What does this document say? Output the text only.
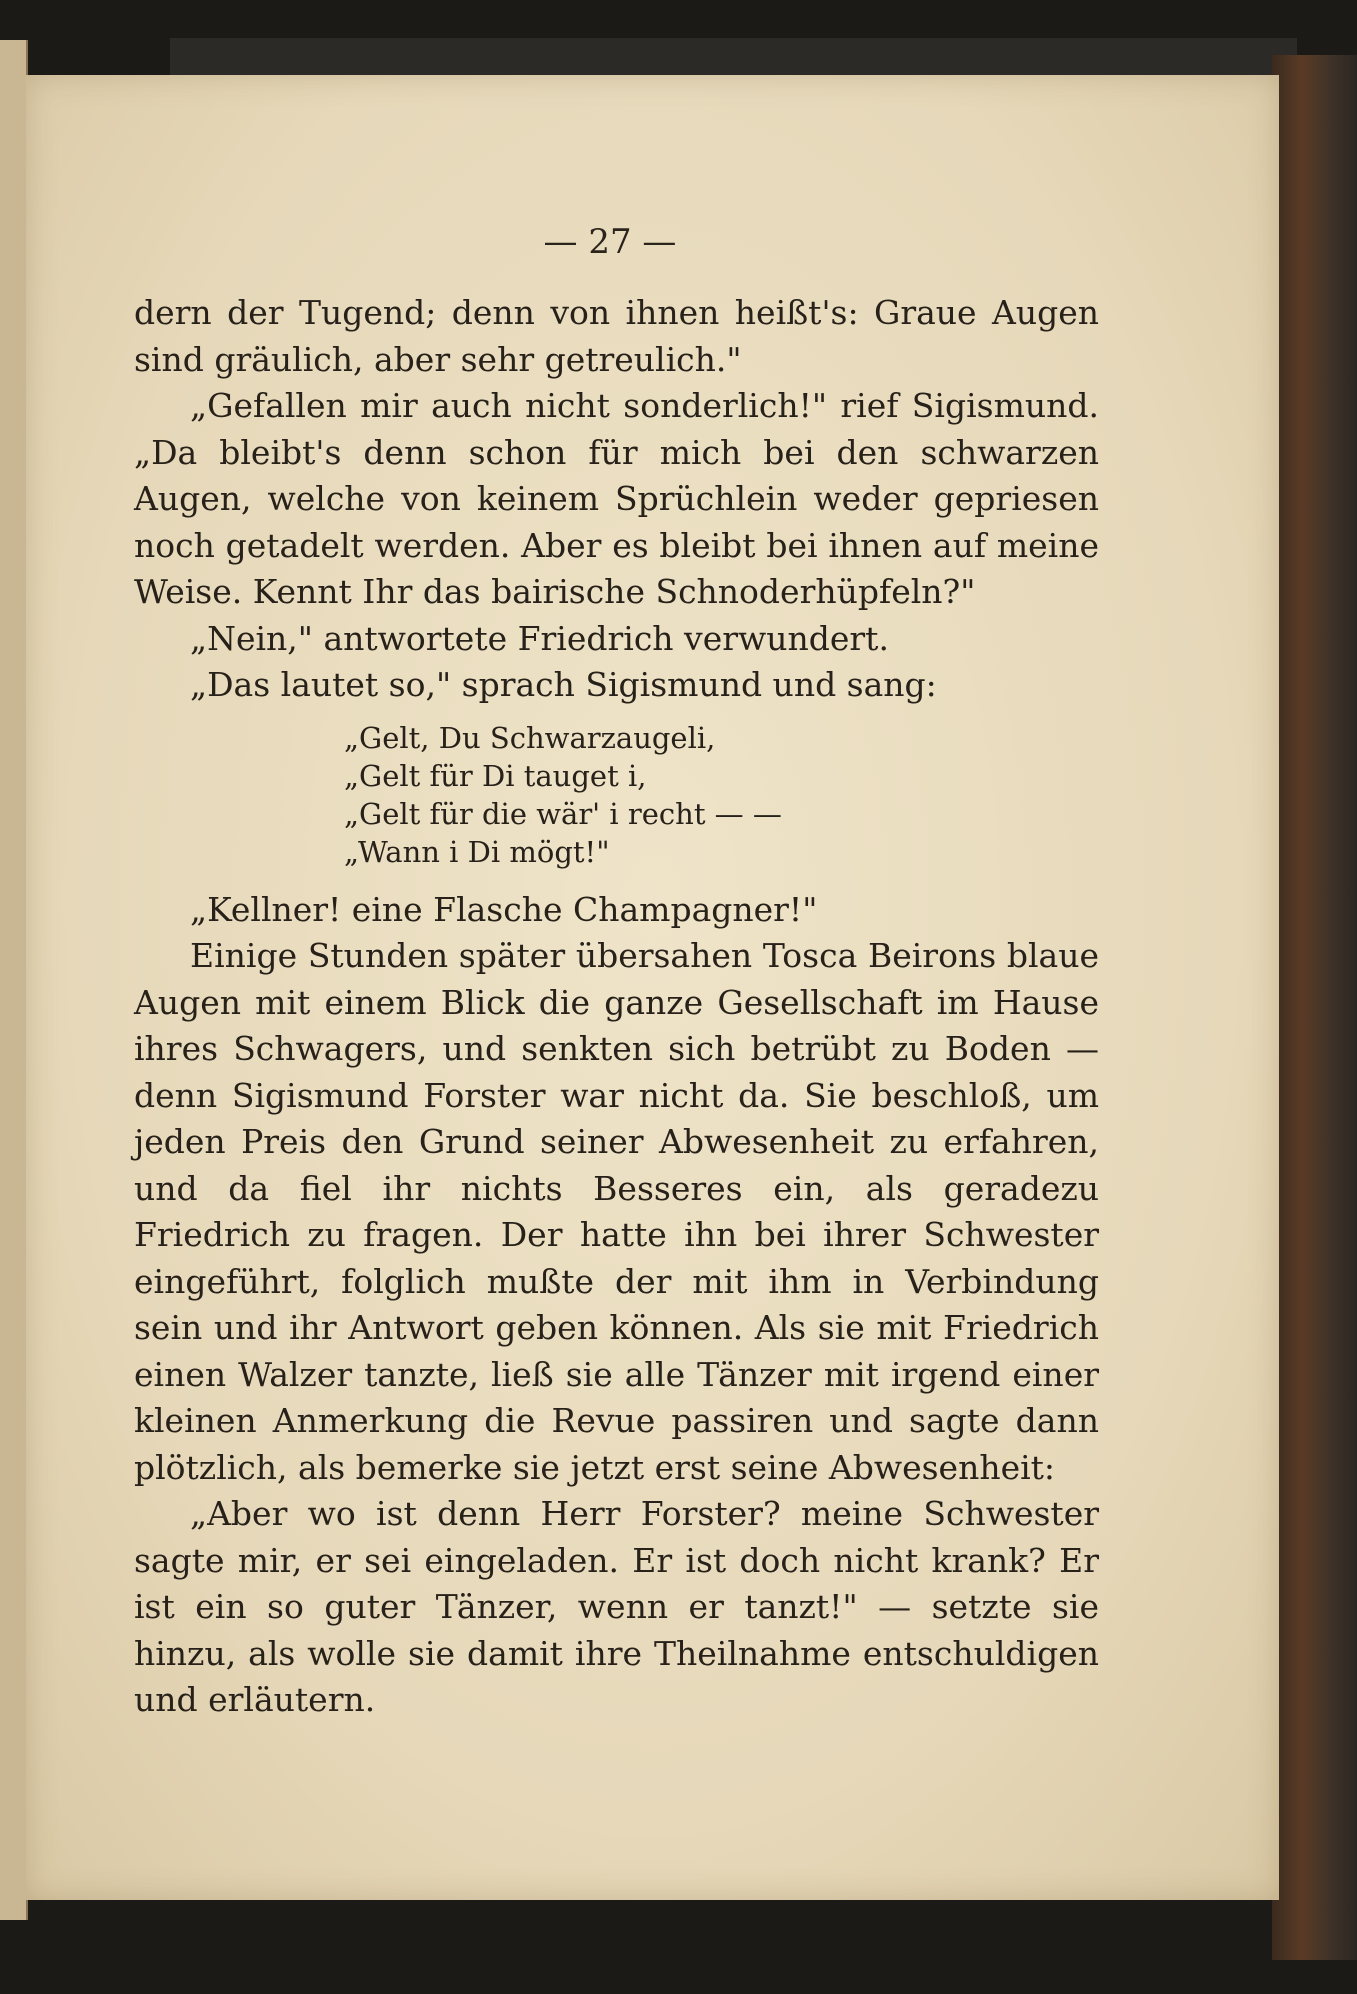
— 27 —

dern der Tugend; denn von ihnen heißt's: Graue Augen sind gräulich, aber sehr getreulich."

„Gefallen mir auch nicht sonderlich!" rief Sigismund. „Da bleibt's denn schon für mich bei den schwarzen Augen, welche von keinem Sprüchlein weder gepriesen noch getadelt werden. Aber es bleibt bei ihnen auf meine Weise. Kennt Ihr das bairische Schnoderhüpfeln?"

„Nein," antwortete Friedrich verwundert.

„Das lautet so," sprach Sigismund und sang:

„Gelt, Du Schwarzaugeli,
„Gelt für Di tauget i,
„Gelt für die wär' i recht — —
„Wann i Di mögt!"

„Kellner! eine Flasche Champagner!"

Einige Stunden später übersahen Tosca Beirons blaue Augen mit einem Blick die ganze Gesellschaft im Hause ihres Schwagers, und senkten sich betrübt zu Boden — denn Sigismund Forster war nicht da. Sie beschloß, um jeden Preis den Grund seiner Abwesenheit zu erfahren, und da fiel ihr nichts Besseres ein, als geradezu Friedrich zu fragen. Der hatte ihn bei ihrer Schwester eingeführt, folglich mußte der mit ihm in Verbindung sein und ihr Antwort geben können. Als sie mit Friedrich einen Walzer tanzte, ließ sie alle Tänzer mit irgend einer kleinen Anmerkung die Revue passiren und sagte dann plötzlich, als bemerke sie jetzt erst seine Abwesenheit:

„Aber wo ist denn Herr Forster? meine Schwester sagte mir, er sei eingeladen. Er ist doch nicht krank? Er ist ein so guter Tänzer, wenn er tanzt!" — setzte sie hinzu, als wolle sie damit ihre Theilnahme entschuldigen und erläutern.
